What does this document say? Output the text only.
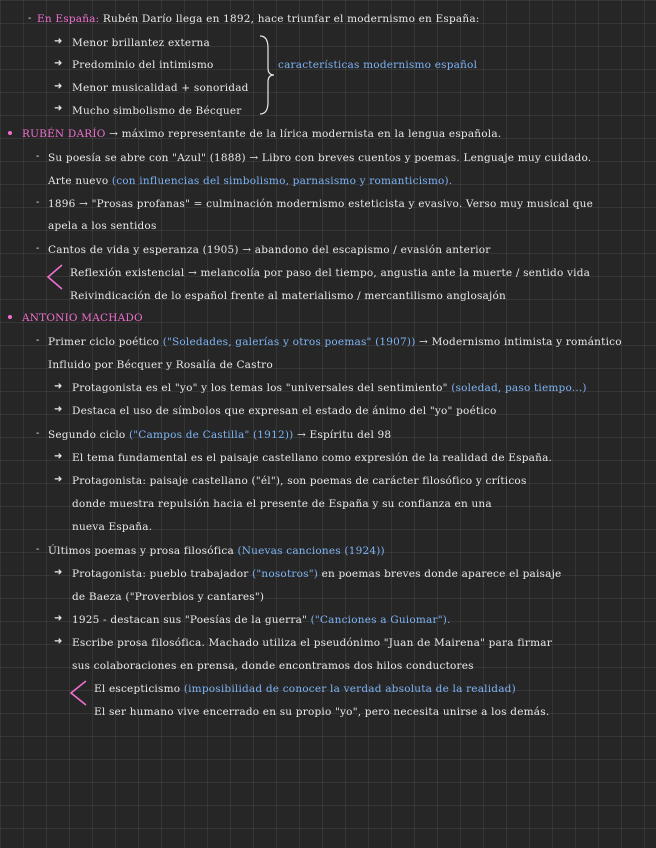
- En España: Rubén Darío llega en 1892, hace triunfar el modernismo en España:
➜ Menor brillantez externa
➜ Predominio del intimismo	características modernismo español
➜ Menor musicalidad + sonoridad
➜ Mucho simbolismo de Bécquer
RUBÉN DARÍO → máximo representante de la lírica modernista en la lengua española.
- Su poesía se abre con "Azul" (1888) → Libro con breves cuentos y poemas. Lenguaje muy cuidado.
Arte nuevo (con influencias del simbolismo, parnasismo y romanticismo).
- 1896 → "Prosas profanas" = culminación modernismo esteticista y evasivo. Verso muy musical que
apela a los sentidos
- Cantos de vida y esperanza (1905) → abandono del escapismo / evasión anterior
Reflexión existencial → melancolía por paso del tiempo, angustia ante la muerte / sentido vida
Reivindicación de lo español frente al materialismo / mercantilismo anglosajón
ANTONIO MACHADO
- Primer ciclo poético ("Soledades, galerías y otros poemas" (1907)) → Modernismo intimista y romántico
Influido por Bécquer y Rosalía de Castro
➜ Protagonista es el "yo" y los temas los "universales del sentimiento" (soledad, paso tiempo...)
➜ Destaca el uso de símbolos que expresan el estado de ánimo del "yo" poético
- Segundo ciclo ("Campos de Castilla" (1912)) → Espíritu del 98
➜ El tema fundamental es el paisaje castellano como expresión de la realidad de España.
➜ Protagonista: paisaje castellano ("él"), son poemas de carácter filosófico y críticos
donde muestra repulsión hacia el presente de España y su confianza en una
nueva España.
- Últimos poemas y prosa filosófica (Nuevas canciones (1924))
➜ Protagonista: pueblo trabajador ("nosotros") en poemas breves donde aparece el paisaje
de Baeza ("Proverbios y cantares")
➜ 1925 - destacan sus "Poesías de la guerra" ("Canciones a Guiomar").
➜ Escribe prosa filosófica. Machado utiliza el pseudónimo "Juan de Mairena" para firmar
sus colaboraciones en prensa, donde encontramos dos hilos conductores
El escepticismo (imposibilidad de conocer la verdad absoluta de la realidad)
El ser humano vive encerrado en su propio "yo", pero necesita unirse a los demás.
